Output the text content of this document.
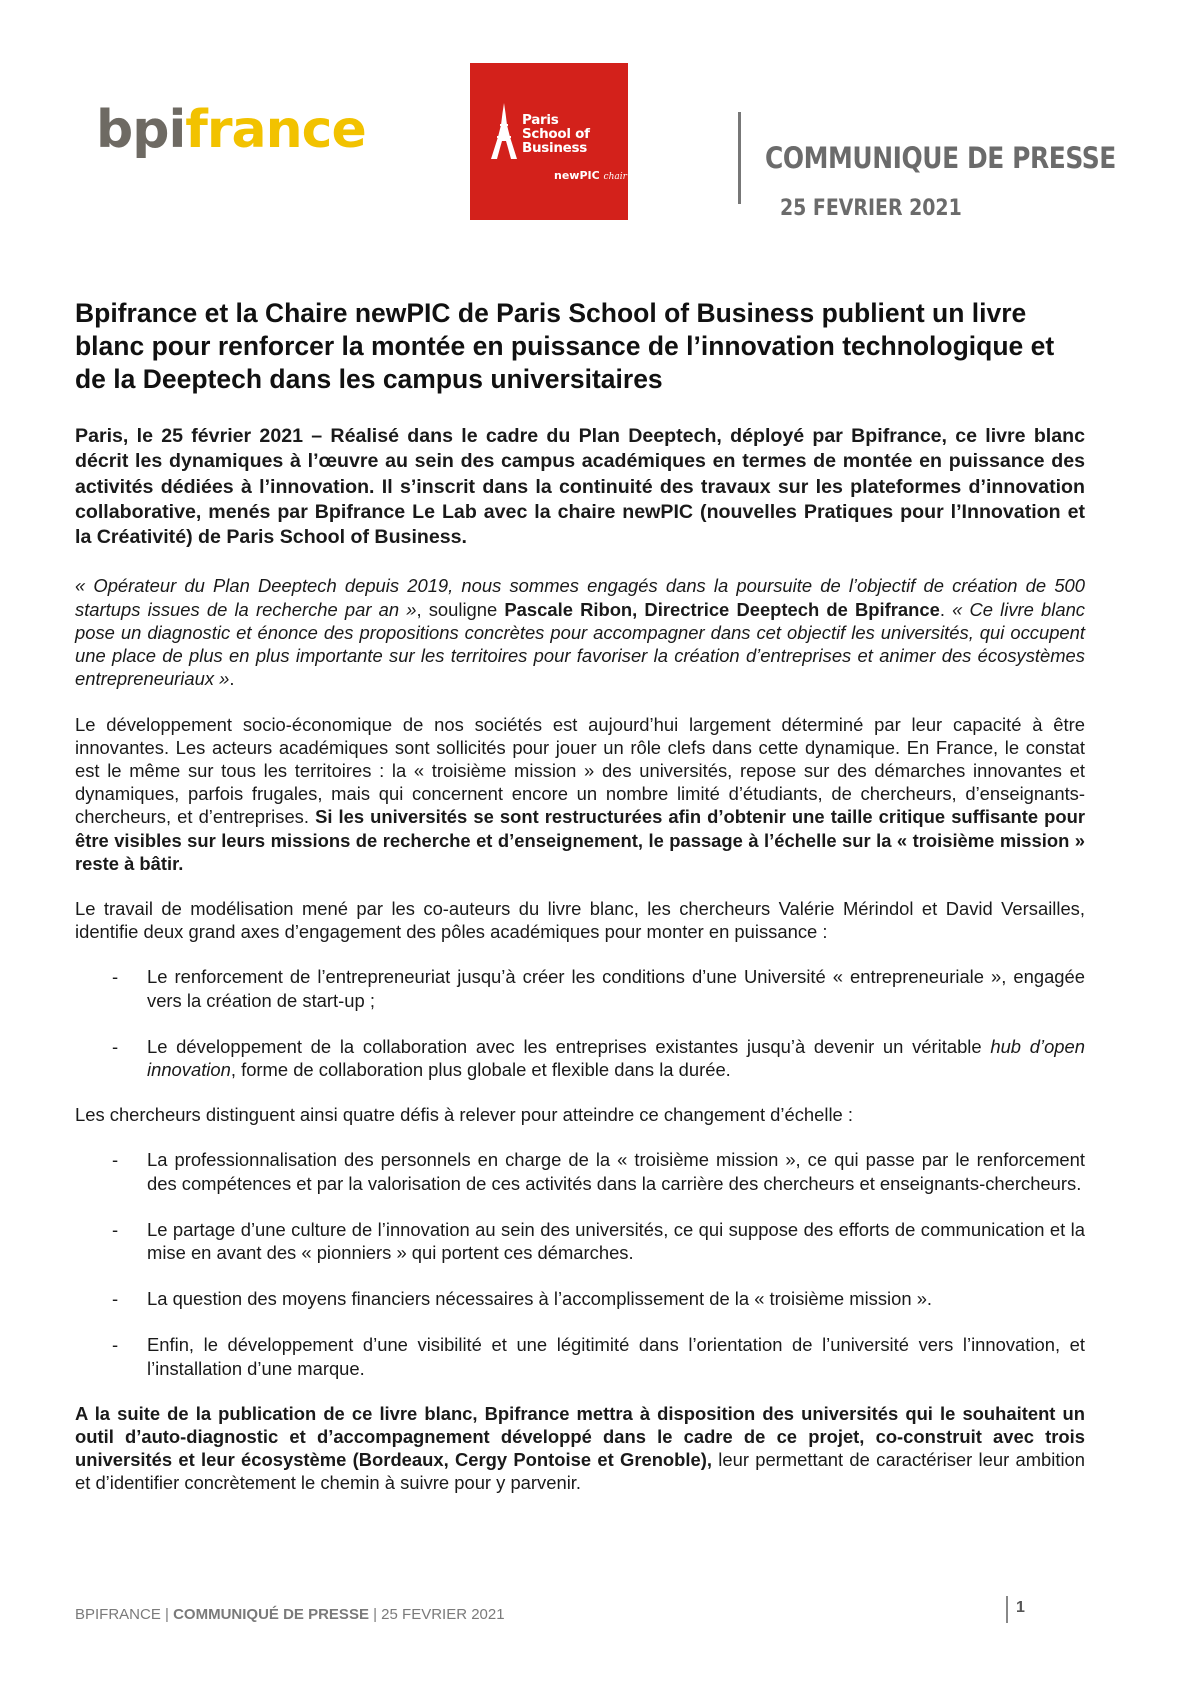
bpifrance	Paris
School of
Business
newPIC chair
COMMUNIQUE DE PRESSE
25 FEVRIER 2021
Bpifrance et la Chaire newPIC de Paris School of Business publient un livre blanc pour renforcer la montée en puissance de l’innovation technologique et de la Deeptech dans les campus universitaires

Paris, le 25 février 2021 – Réalisé dans le cadre du Plan Deeptech, déployé par Bpifrance, ce livre blanc décrit les dynamiques à l’œuvre au sein des campus académiques en termes de montée en puissance des activités dédiées à l’innovation. Il s’inscrit dans la continuité des travaux sur les plateformes d’innovation collaborative, menés par Bpifrance Le Lab avec la chaire newPIC (nouvelles Pratiques pour l’Innovation et la Créativité) de Paris School of Business.

« Opérateur du Plan Deeptech depuis 2019, nous sommes engagés dans la poursuite de l’objectif de création de 500 startups issues de la recherche par an », souligne Pascale Ribon, Directrice Deeptech de Bpifrance. « Ce livre blanc pose un diagnostic et énonce des propositions concrètes pour accompagner dans cet objectif les universités, qui occupent une place de plus en plus importante sur les territoires pour favoriser la création d’entreprises et animer des écosystèmes entrepreneuriaux ».

Le développement socio-économique de nos sociétés est aujourd’hui largement déterminé par leur capacité à être innovantes. Les acteurs académiques sont sollicités pour jouer un rôle clefs dans cette dynamique. En France, le constat est le même sur tous les territoires : la « troisième mission » des universités, repose sur des démarches innovantes et dynamiques, parfois frugales, mais qui concernent encore un nombre limité d’étudiants, de chercheurs, d’enseignants-chercheurs, et d’entreprises. Si les universités se sont restructurées afin d’obtenir une taille critique suffisante pour être visibles sur leurs missions de recherche et d’enseignement, le passage à l’échelle sur la « troisième mission » reste à bâtir.

Le travail de modélisation mené par les co-auteurs du livre blanc, les chercheurs Valérie Mérindol et David Versailles, identifie deux grand axes d’engagement des pôles académiques pour monter en puissance :

- Le renforcement de l’entrepreneuriat jusqu’à créer les conditions d’une Université « entrepreneuriale », engagée vers la création de start-up ;
- Le développement de la collaboration avec les entreprises existantes jusqu’à devenir un véritable hub d’open innovation, forme de collaboration plus globale et flexible dans la durée.

Les chercheurs distinguent ainsi quatre défis à relever pour atteindre ce changement d’échelle :

- La professionnalisation des personnels en charge de la « troisième mission », ce qui passe par le renforcement des compétences et par la valorisation de ces activités dans la carrière des chercheurs et enseignants-chercheurs.
- Le partage d’une culture de l’innovation au sein des universités, ce qui suppose des efforts de communication et la mise en avant des « pionniers » qui portent ces démarches.
- La question des moyens financiers nécessaires à l’accomplissement de la « troisième mission ».
- Enfin, le développement d’une visibilité et une légitimité dans l’orientation de l’université vers l’innovation, et l’installation d’une marque.

A la suite de la publication de ce livre blanc, Bpifrance mettra à disposition des universités qui le souhaitent un outil d’auto-diagnostic et d’accompagnement développé dans le cadre de ce projet, co-construit avec trois universités et leur écosystème (Bordeaux, Cergy Pontoise et Grenoble), leur permettant de caractériser leur ambition et d’identifier concrètement le chemin à suivre pour y parvenir.

BPIFRANCE | COMMUNIQUÉ DE PRESSE | 25 FEVRIER 2021	1
